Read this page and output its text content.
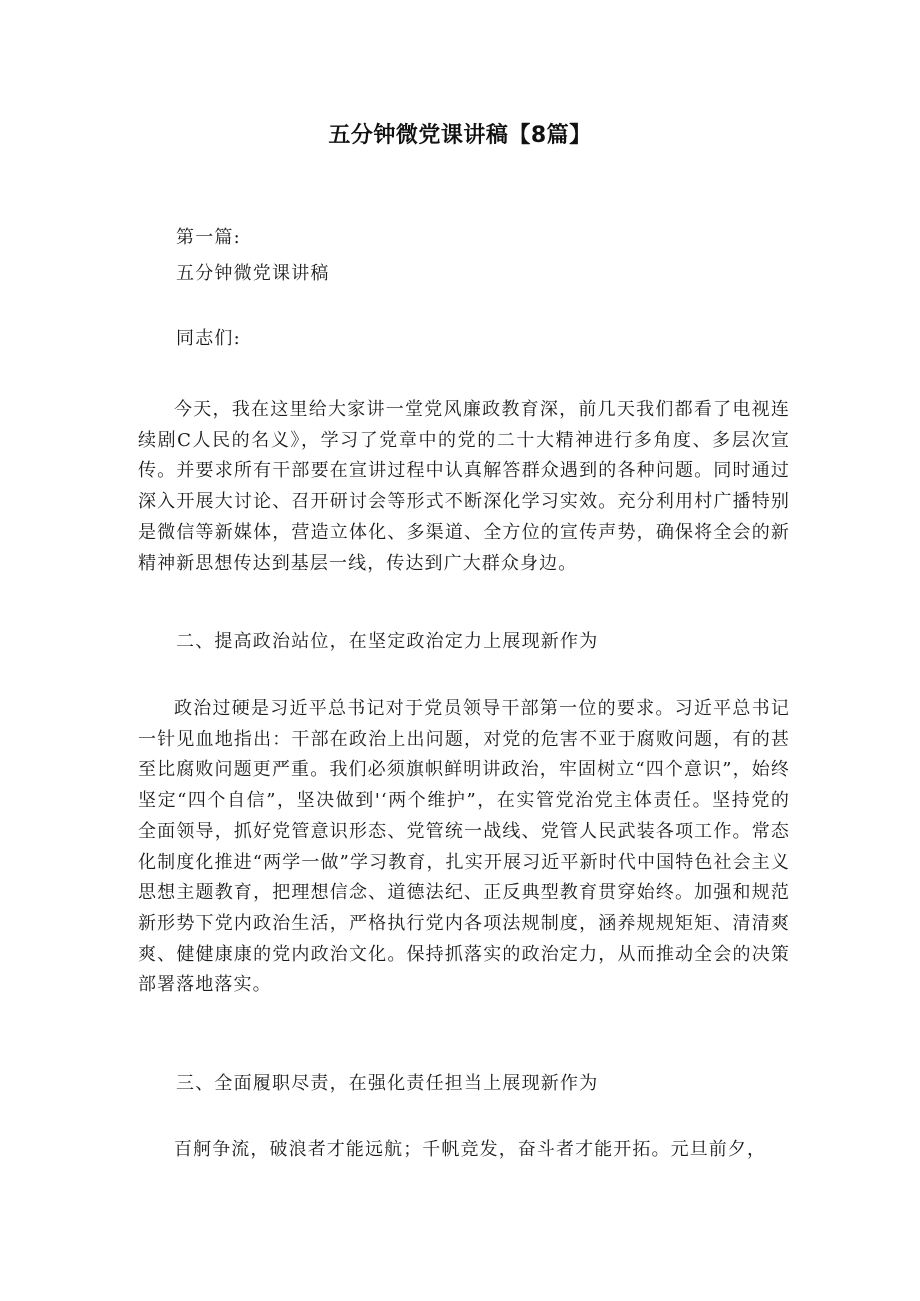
五分钟微党课讲稿【8篇】
第一篇:
五分钟微党课讲稿
同志们:

今天，我在这里给大家讲一堂党风廉政教育深，前几天我们都看了电视连续剧C人民的名义》，学习了党章中的党的二十大精神进行多角度、多层次宣传。并要求所有干部要在宣讲过程中认真解答群众遇到的各种问题。同时通过深入开展大讨论、召开研讨会等形式不断深化学习实效。充分利用村广播特别是微信等新媒体，营造立体化、多渠道、全方位的宣传声势，确保将全会的新精神新思想传达到基层一线，传达到广大群众身边。

二、提高政治站位，在坚定政治定力上展现新作为

政治过硬是习近平总书记对于党员领导干部第一位的要求。习近平总书记一针见血地指出：干部在政治上出问题，对党的危害不亚于腐败问题，有的甚至比腐败问题更严重。我们必须旗帜鲜明讲政治，牢固树立“四个意识”，始终坚定“四个自信”，坚决做到'‘两个维护”，在实管党治党主体责任。坚持党的全面领导，抓好党管意识形态、党管统一战线、党管人民武装各项工作。常态化制度化推进“两学一做”学习教育，扎实开展习近平新时代中国特色社会主义思想主题教育，把理想信念、道德法纪、正反典型教育贯穿始终。加强和规范新形势下党内政治生活，严格执行党内各项法规制度，涵养规规矩矩、清清爽爽、健健康康的党内政治文化。保持抓落实的政治定力，从而推动全会的决策部署落地落实。

三、全面履职尽责，在强化责任担当上展现新作为

百舸争流，破浪者才能远航；千帆竞发，奋斗者才能开拓。元旦前夕，
